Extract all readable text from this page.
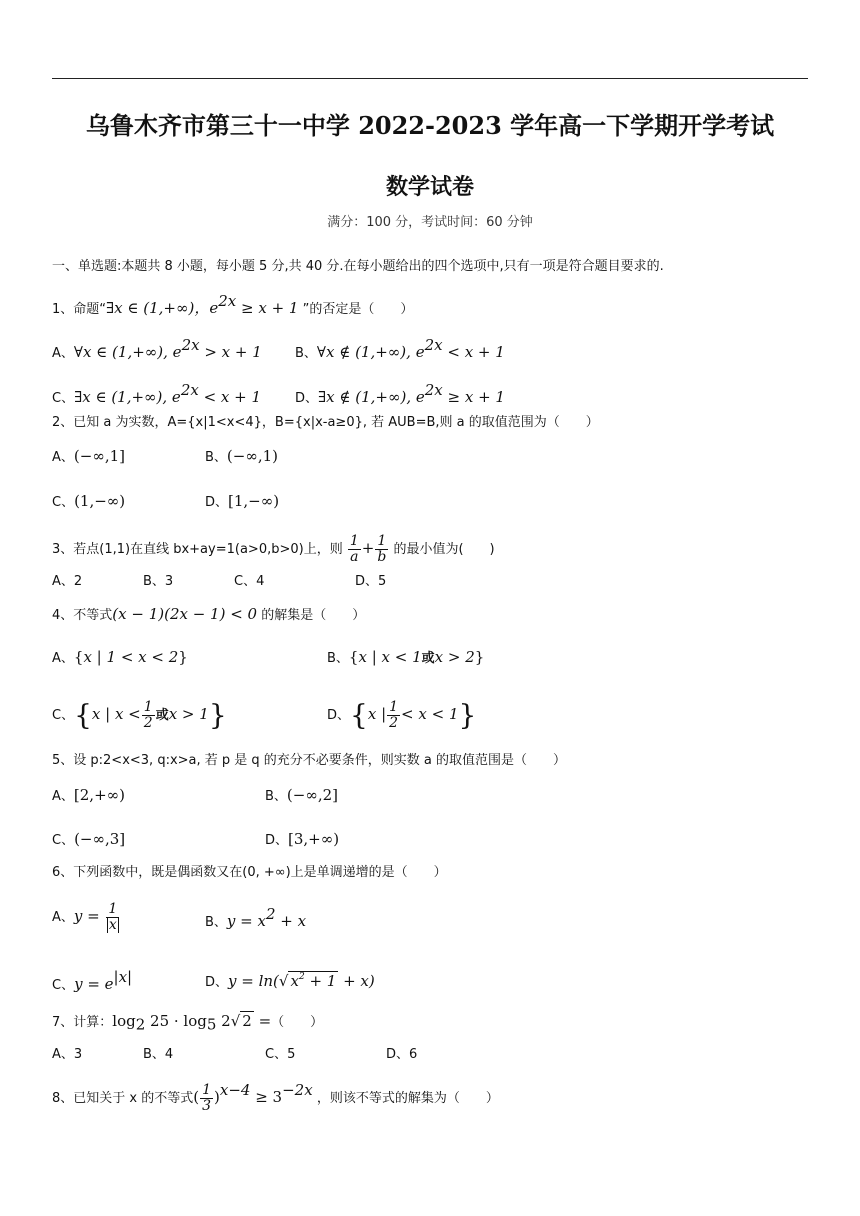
乌鲁木齐市第三十一中学 2022-2023 学年高一下学期开学考试
数学试卷
满分：100 分，考试时间：60 分钟
一、单选题:本题共 8 小题，每小题 5 分,共 40 分.在每小题给出的四个选项中,只有一项是符合题目要求的.
1、命题“∃x ∈ (1,+∞)，$e^{2x} \ge x + 1$ ”的否定是（　　）
A、∀x ∈ (1,+∞), $e^{2x} > x + 1$	B、∀x ∉ (1,+∞), $e^{2x} < x + 1$
C、∃x ∈ (1,+∞), $e^{2x} < x + 1$	D、∃x ∉ (1,+∞), $e^{2x} \ge x + 1$
2、已知 a 为实数，A={x|1<x<4}，B={x|x-a≥0}, 若 AUB=B,则 a 的取值范围为（　　）
A、(−∞,1]	B、(−∞,1)
C、(1,−∞)	D、[1,−∞)
3、若点(1,1)在直线 bx+ay=1(a>0,b>0)上，则 $\frac{1}{a} + \frac{1}{b}$ 的最小值为(　　)
A、2	B、3	C、4	D、5
4、不等式(x − 1)(2x − 1) < 0 的解集是（　　）
A、{x | 1 < x < 2}	B、{x | x < 1或x > 2}
C、{x | $x < \frac{1}{2}$ 或x > 1}	D、{x | $\frac{1}{2} < x < 1$}
5、设 p:2<x<3, q:x>a, 若 p 是 q 的充分不必要条件，则实数 a 的取值范围是（　　）
A、[2,+∞)	B、(−∞,2]
C、(−∞,3]	D、[3,+∞)
6、下列函数中，既是偶函数又在(0, +∞)上是单调递增的是（　　）
A、$y = \frac{1}{x}$	B、$y = x^2 + x$
C、$y = e^{|x|}$	D、y = ln(√ $x^2 + 1 + x$)
7、计算：$\log_2 25 \cdot \log_5 2√$ 2 =（　　）
A、3	B、4	C、5	D、6
8、已知关于 x 的不等式( $\frac{1}{3} )^{x-4} \ge 3^{-2x}$ ，则该不等式的解集为（　　）
